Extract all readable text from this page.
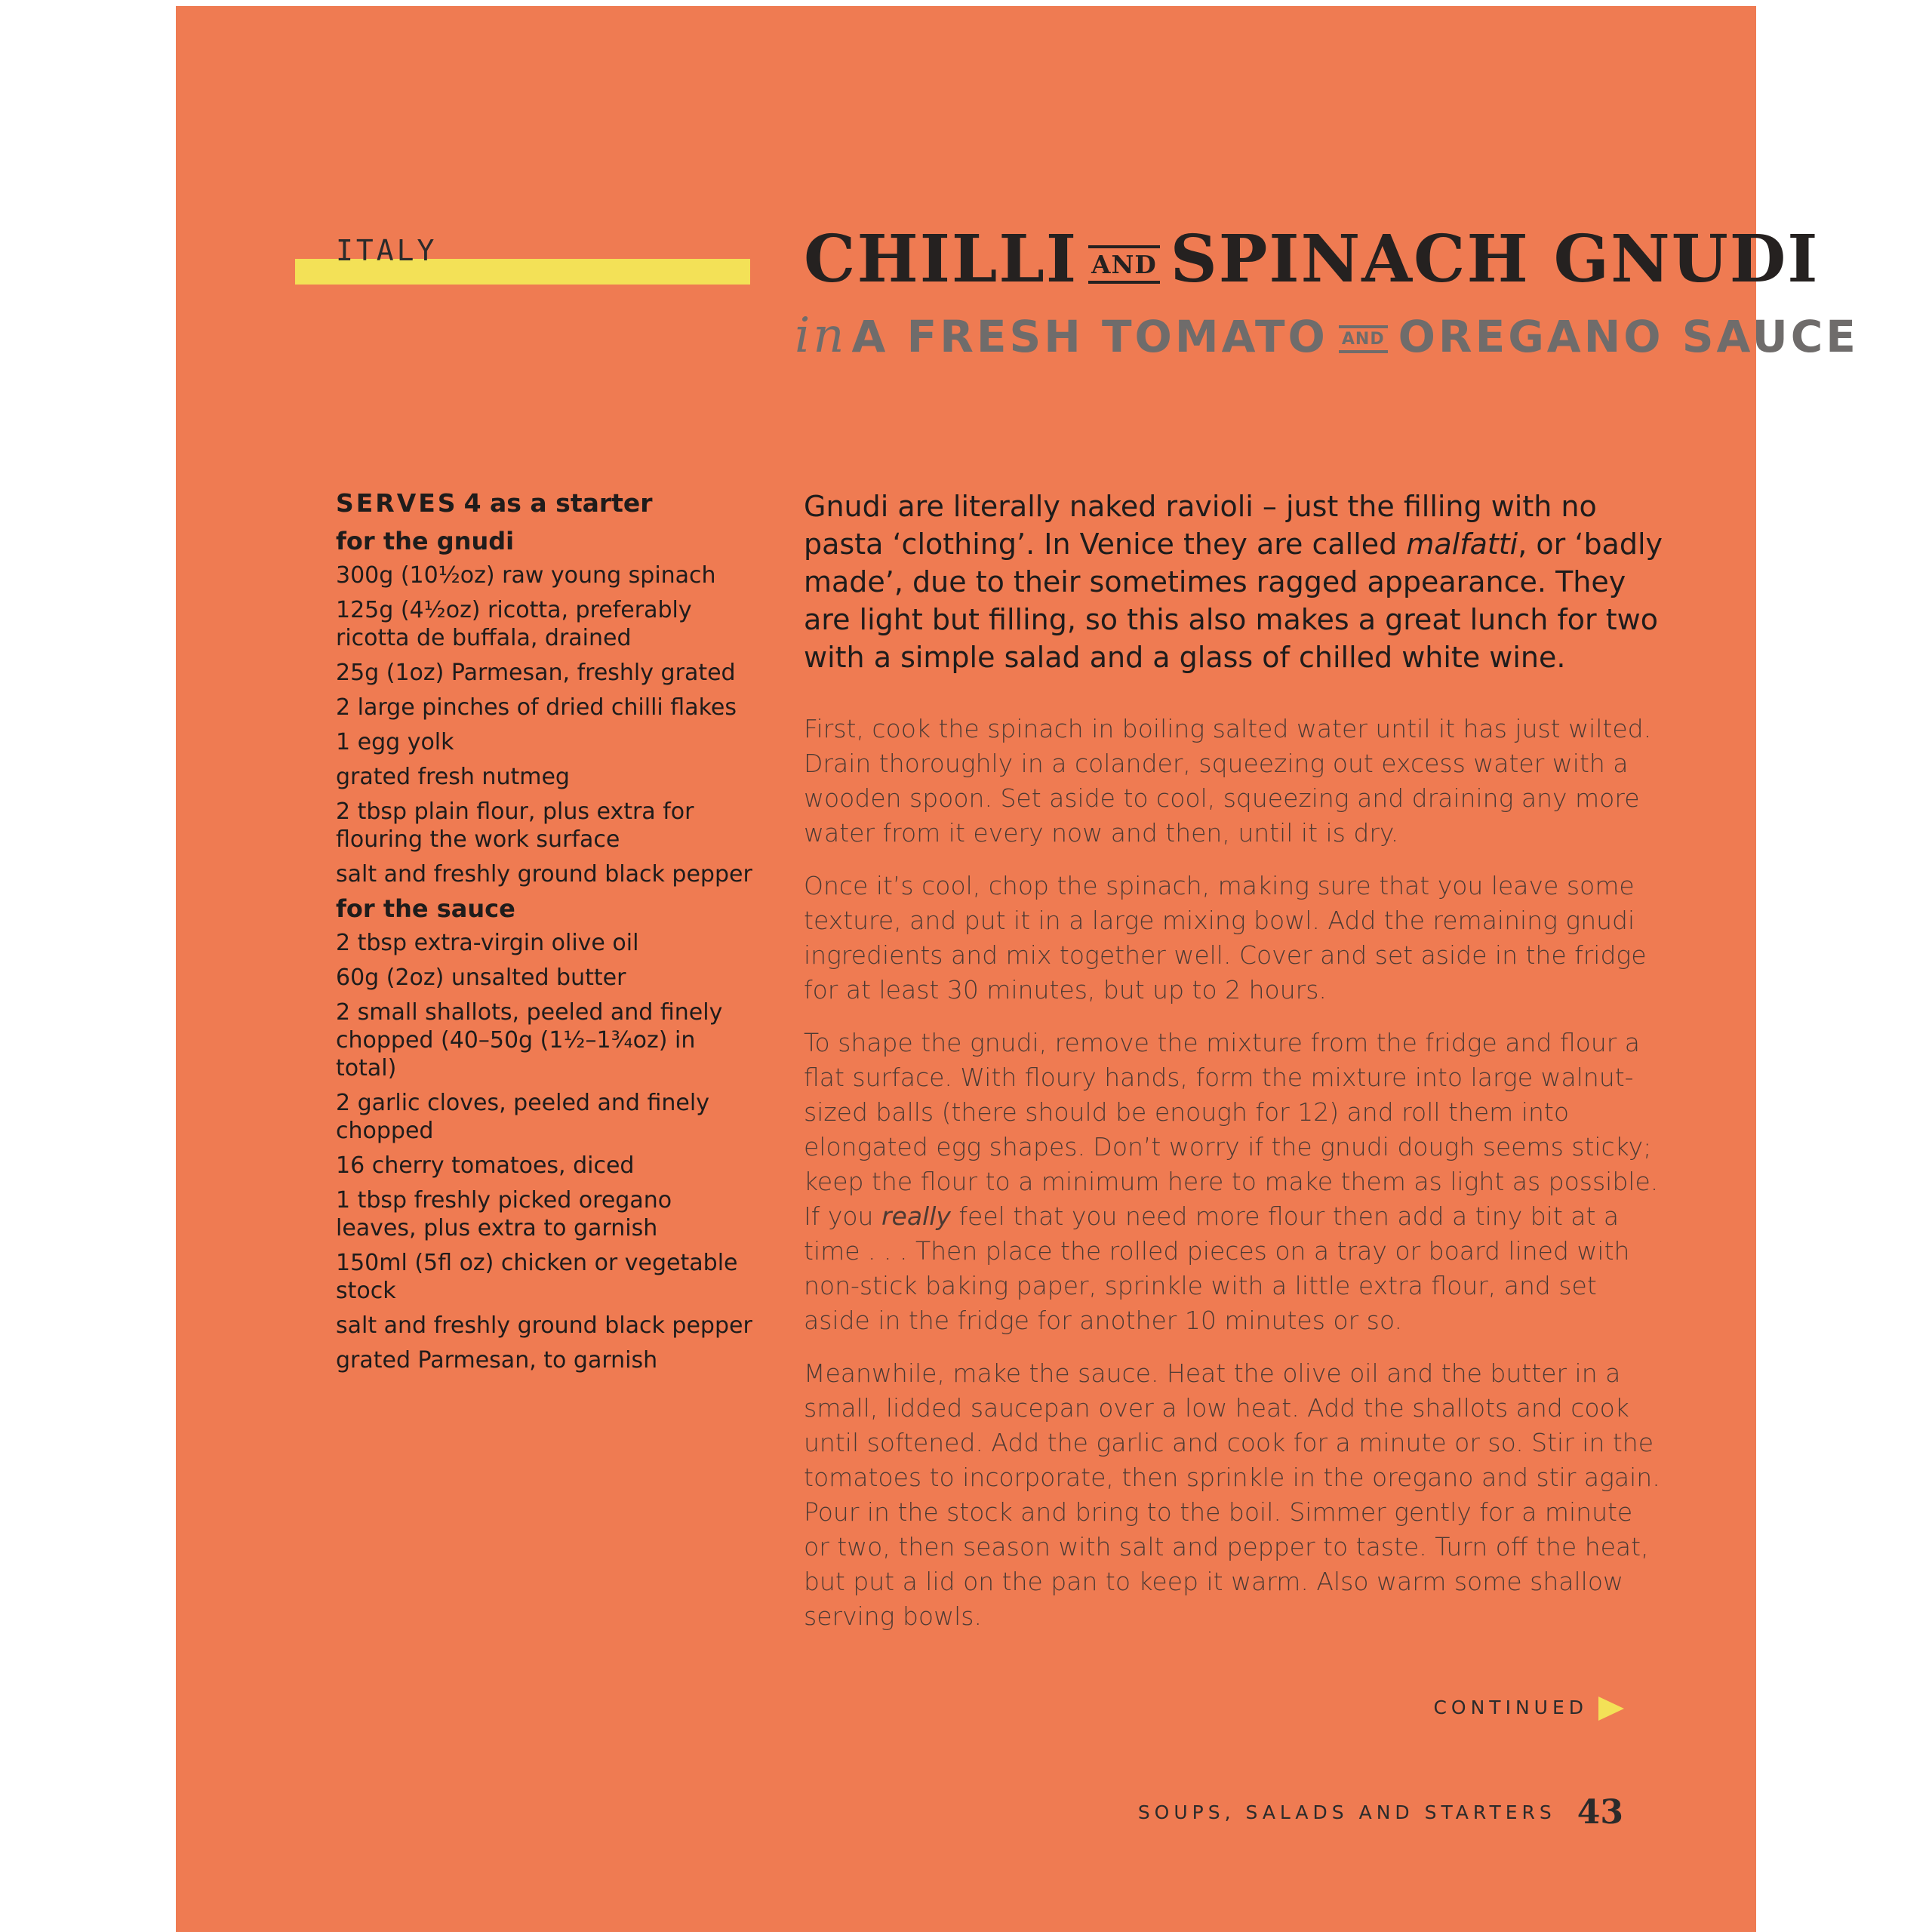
ITALY	CHILLI AND SPINACH GNUDI
in A FRESH TOMATO AND OREGANO SAUCE
SERVES 4 as a starter
for the gnudi
300g (10½oz) raw young spinach
125g (4½oz) ricotta, preferably ricotta de buffala, drained
25g (1oz) Parmesan, freshly grated
2 large pinches of dried chilli flakes
1 egg yolk
grated fresh nutmeg
2 tbsp plain flour, plus extra for flouring the work surface
salt and freshly ground black pepper
for the sauce
2 tbsp extra-virgin olive oil
60g (2oz) unsalted butter
2 small shallots, peeled and finely chopped (40–50g (1½–1¾oz) in total)
2 garlic cloves, peeled and finely chopped
16 cherry tomatoes, diced
1 tbsp freshly picked oregano leaves, plus extra to garnish
150ml (5fl oz) chicken or vegetable stock
salt and freshly ground black pepper
grated Parmesan, to garnish
Gnudi are literally naked ravioli – just the filling with no pasta ‘clothing’. In Venice they are called malfatti, or ‘badly made’, due to their sometimes ragged appearance. They are light but filling, so this also makes a great lunch for two with a simple salad and a glass of chilled white wine.

First, cook the spinach in boiling salted water until it has just wilted. Drain thoroughly in a colander, squeezing out excess water with a wooden spoon. Set aside to cool, squeezing and draining any more water from it every now and then, until it is dry.

Once it’s cool, chop the spinach, making sure that you leave some texture, and put it in a large mixing bowl. Add the remaining gnudi ingredients and mix together well. Cover and set aside in the fridge for at least 30 minutes, but up to 2 hours.

To shape the gnudi, remove the mixture from the fridge and flour a flat surface. With floury hands, form the mixture into large walnut-sized balls (there should be enough for 12) and roll them into elongated egg shapes. Don’t worry if the gnudi dough seems sticky; keep the flour to a minimum here to make them as light as possible. If you really feel that you need more flour then add a tiny bit at a time . . . Then place the rolled pieces on a tray or board lined with non-stick baking paper, sprinkle with a little extra flour, and set aside in the fridge for another 10 minutes or so.

Meanwhile, make the sauce. Heat the olive oil and the butter in a small, lidded saucepan over a low heat. Add the shallots and cook until softened. Add the garlic and cook for a minute or so. Stir in the tomatoes to incorporate, then sprinkle in the oregano and stir again. Pour in the stock and bring to the boil. Simmer gently for a minute or two, then season with salt and pepper to taste. Turn off the heat, but put a lid on the pan to keep it warm. Also warm some shallow serving bowls.

CONTINUED
SOUPS, SALADS AND STARTERS 43
